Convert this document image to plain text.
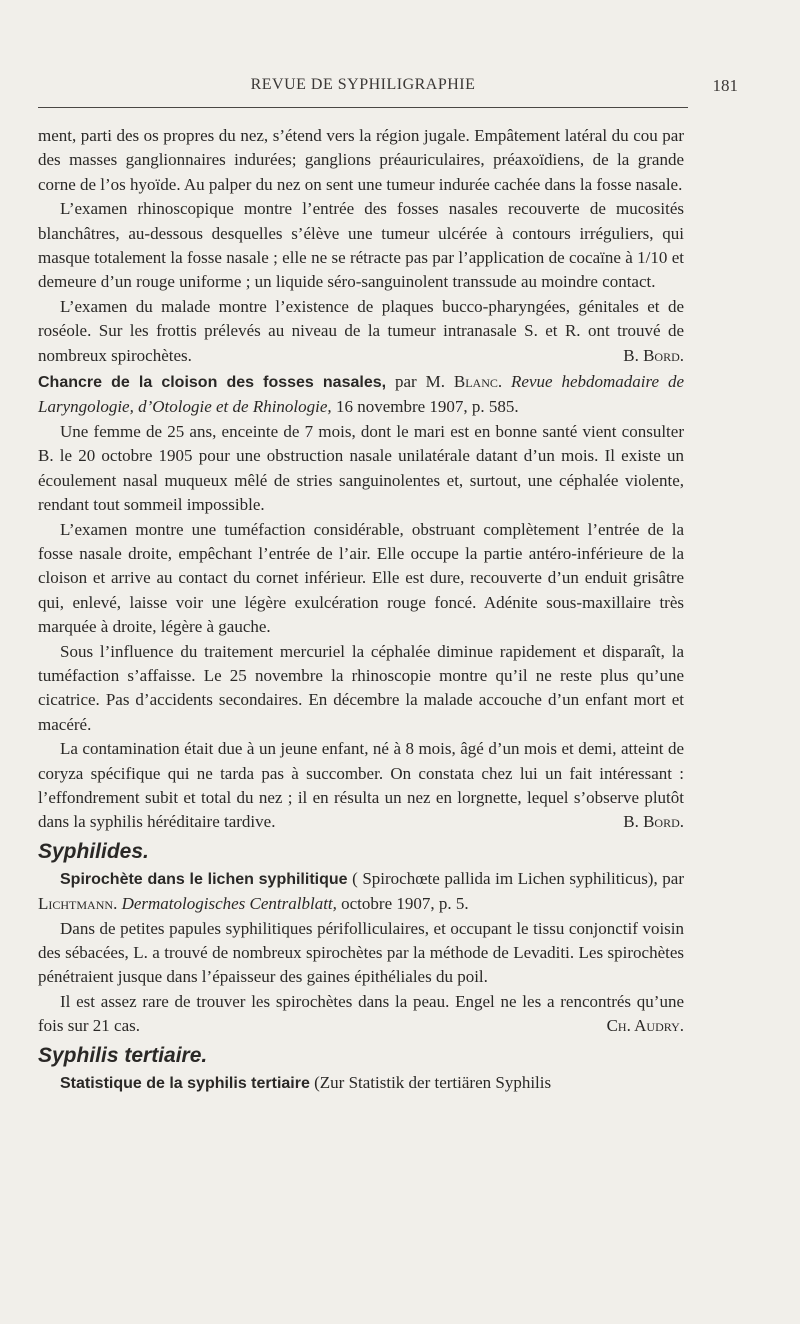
REVUE DE SYPHILIGRAPHIE	181

ment, parti des os propres du nez, s’étend vers la région jugale. Empâtement latéral du cou par des masses ganglionnaires indurées; ganglions préauriculaires, préaxoïdiens, de la grande corne de l’os hyoïde. Au palper du nez on sent une tumeur indurée cachée dans la fosse nasale.

L’examen rhinoscopique montre l’entrée des fosses nasales recouverte de mucosités blanchâtres, au-dessous desquelles s’élève une tumeur ulcérée à contours irréguliers, qui masque totalement la fosse nasale ; elle ne se rétracte pas par l’application de cocaïne à 1/10 et demeure d’un rouge uniforme ; un liquide séro-sanguinolent transsude au moindre contact.

L’examen du malade montre l’existence de plaques bucco-pharyngées, génitales et de roséole. Sur les frottis prélevés au niveau de la tumeur intranasale S. et R. ont trouvé de nombreux spirochètes.	B. Bord.

Chancre de la cloison des fosses nasales, par M. Blanc. Revue hebdomadaire de Laryngologie, d’Otologie et de Rhinologie, 16 novembre 1907, p. 585.

Une femme de 25 ans, enceinte de 7 mois, dont le mari est en bonne santé vient consulter B. le 20 octobre 1905 pour une obstruction nasale unilatérale datant d’un mois. Il existe un écoulement nasal muqueux mêlé de stries sanguinolentes et, surtout, une céphalée violente, rendant tout sommeil impossible.

L’examen montre une tuméfaction considérable, obstruant complètement l’entrée de la fosse nasale droite, empêchant l’entrée de l’air. Elle occupe la partie antéro-inférieure de la cloison et arrive au contact du cornet inférieur. Elle est dure, recouverte d’un enduit grisâtre qui, enlevé, laisse voir une légère exulcération rouge foncé. Adénite sous-maxillaire très marquée à droite, légère à gauche.

Sous l’influence du traitement mercuriel la céphalée diminue rapidement et disparaît, la tuméfaction s’affaisse. Le 25 novembre la rhinoscopie montre qu’il ne reste plus qu’une cicatrice. Pas d’accidents secondaires. En décembre la malade accouche d’un enfant mort et macéré.

La contamination était due à un jeune enfant, né à 8 mois, âgé d’un mois et demi, atteint de coryza spécifique qui ne tarda pas à succomber. On constata chez lui un fait intéressant : l’effondrement subit et total du nez ; il en résulta un nez en lorgnette, lequel s’observe plutôt dans la syphilis héréditaire tardive.	B. Bord.

Syphilides.

Spirochète dans le lichen syphilitique ( Spirochœte pallida im Lichen syphiliticus), par Lichtmann. Dermatologisches Centralblatt, octobre 1907, p. 5.

Dans de petites papules syphilitiques périfolliculaires, et occupant le tissu conjonctif voisin des sébacées, L. a trouvé de nombreux spirochètes par la méthode de Levaditi. Les spirochètes pénétraient jusque dans l’épaisseur des gaines épithéliales du poil.

Il est assez rare de trouver les spirochètes dans la peau. Engel ne les a rencontrés qu’une fois sur 21 cas.	Ch. Audry.

Syphilis tertiaire.

Statistique de la syphilis tertiaire (Zur Statistik der tertiären Syphilis
